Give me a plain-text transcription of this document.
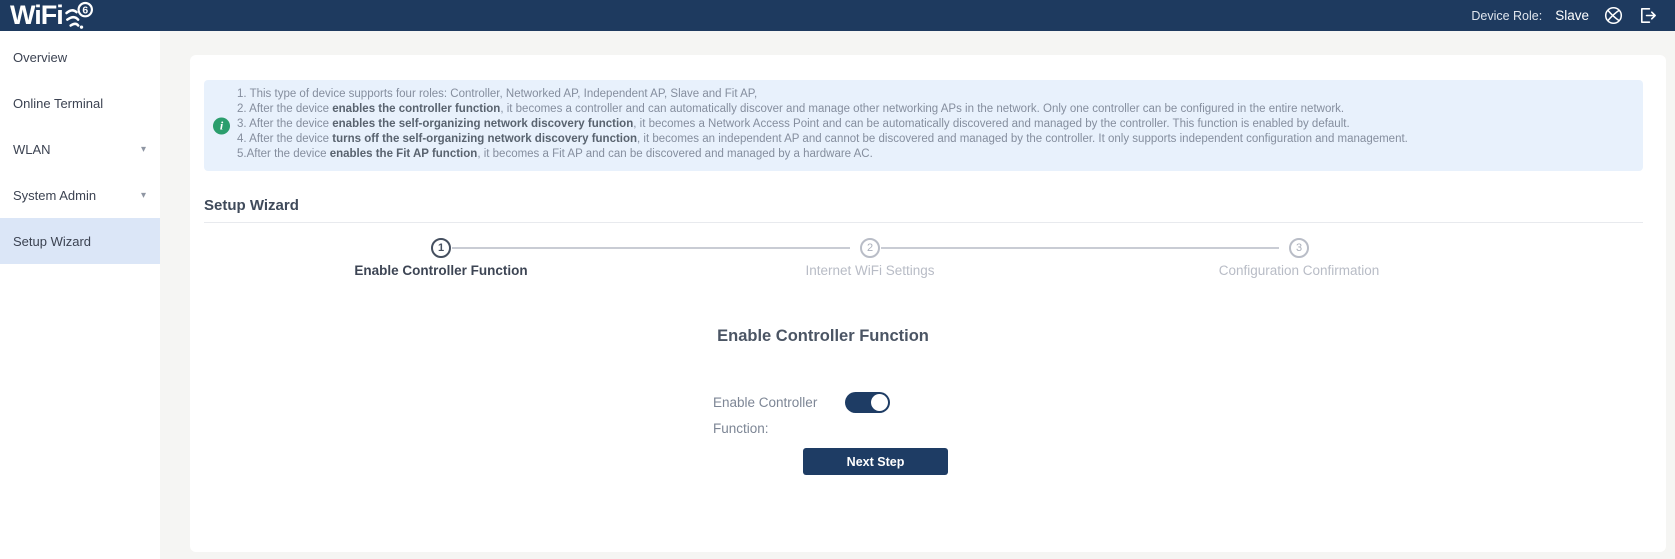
WiFi 6	Device Role: Slave
Overview
Online Terminal
WLAN	▾
System Admin	▾
Setup Wizard
i
1. This type of device supports four roles: Controller, Networked AP, Independent AP, Slave and Fit AP,
2. After the device enables the controller function, it becomes a controller and can automatically discover and manage other networking APs in the network. Only one controller can be configured in the entire network.
3. After the device enables the self-organizing network discovery function, it becomes a Network Access Point and can be automatically discovered and managed by the controller. This function is enabled by default.
4. After the device turns off the self-organizing network discovery function, it becomes an independent AP and cannot be discovered and managed by the controller. It only supports independent configuration and management.
5.After the device enables the Fit AP function, it becomes a Fit AP and can be discovered and managed by a hardware AC.
Setup Wizard
1	2	3
Enable Controller Function	Internet WiFi Settings	Configuration Confirmation
Enable Controller Function
Enable Controller Function:
Next Step
